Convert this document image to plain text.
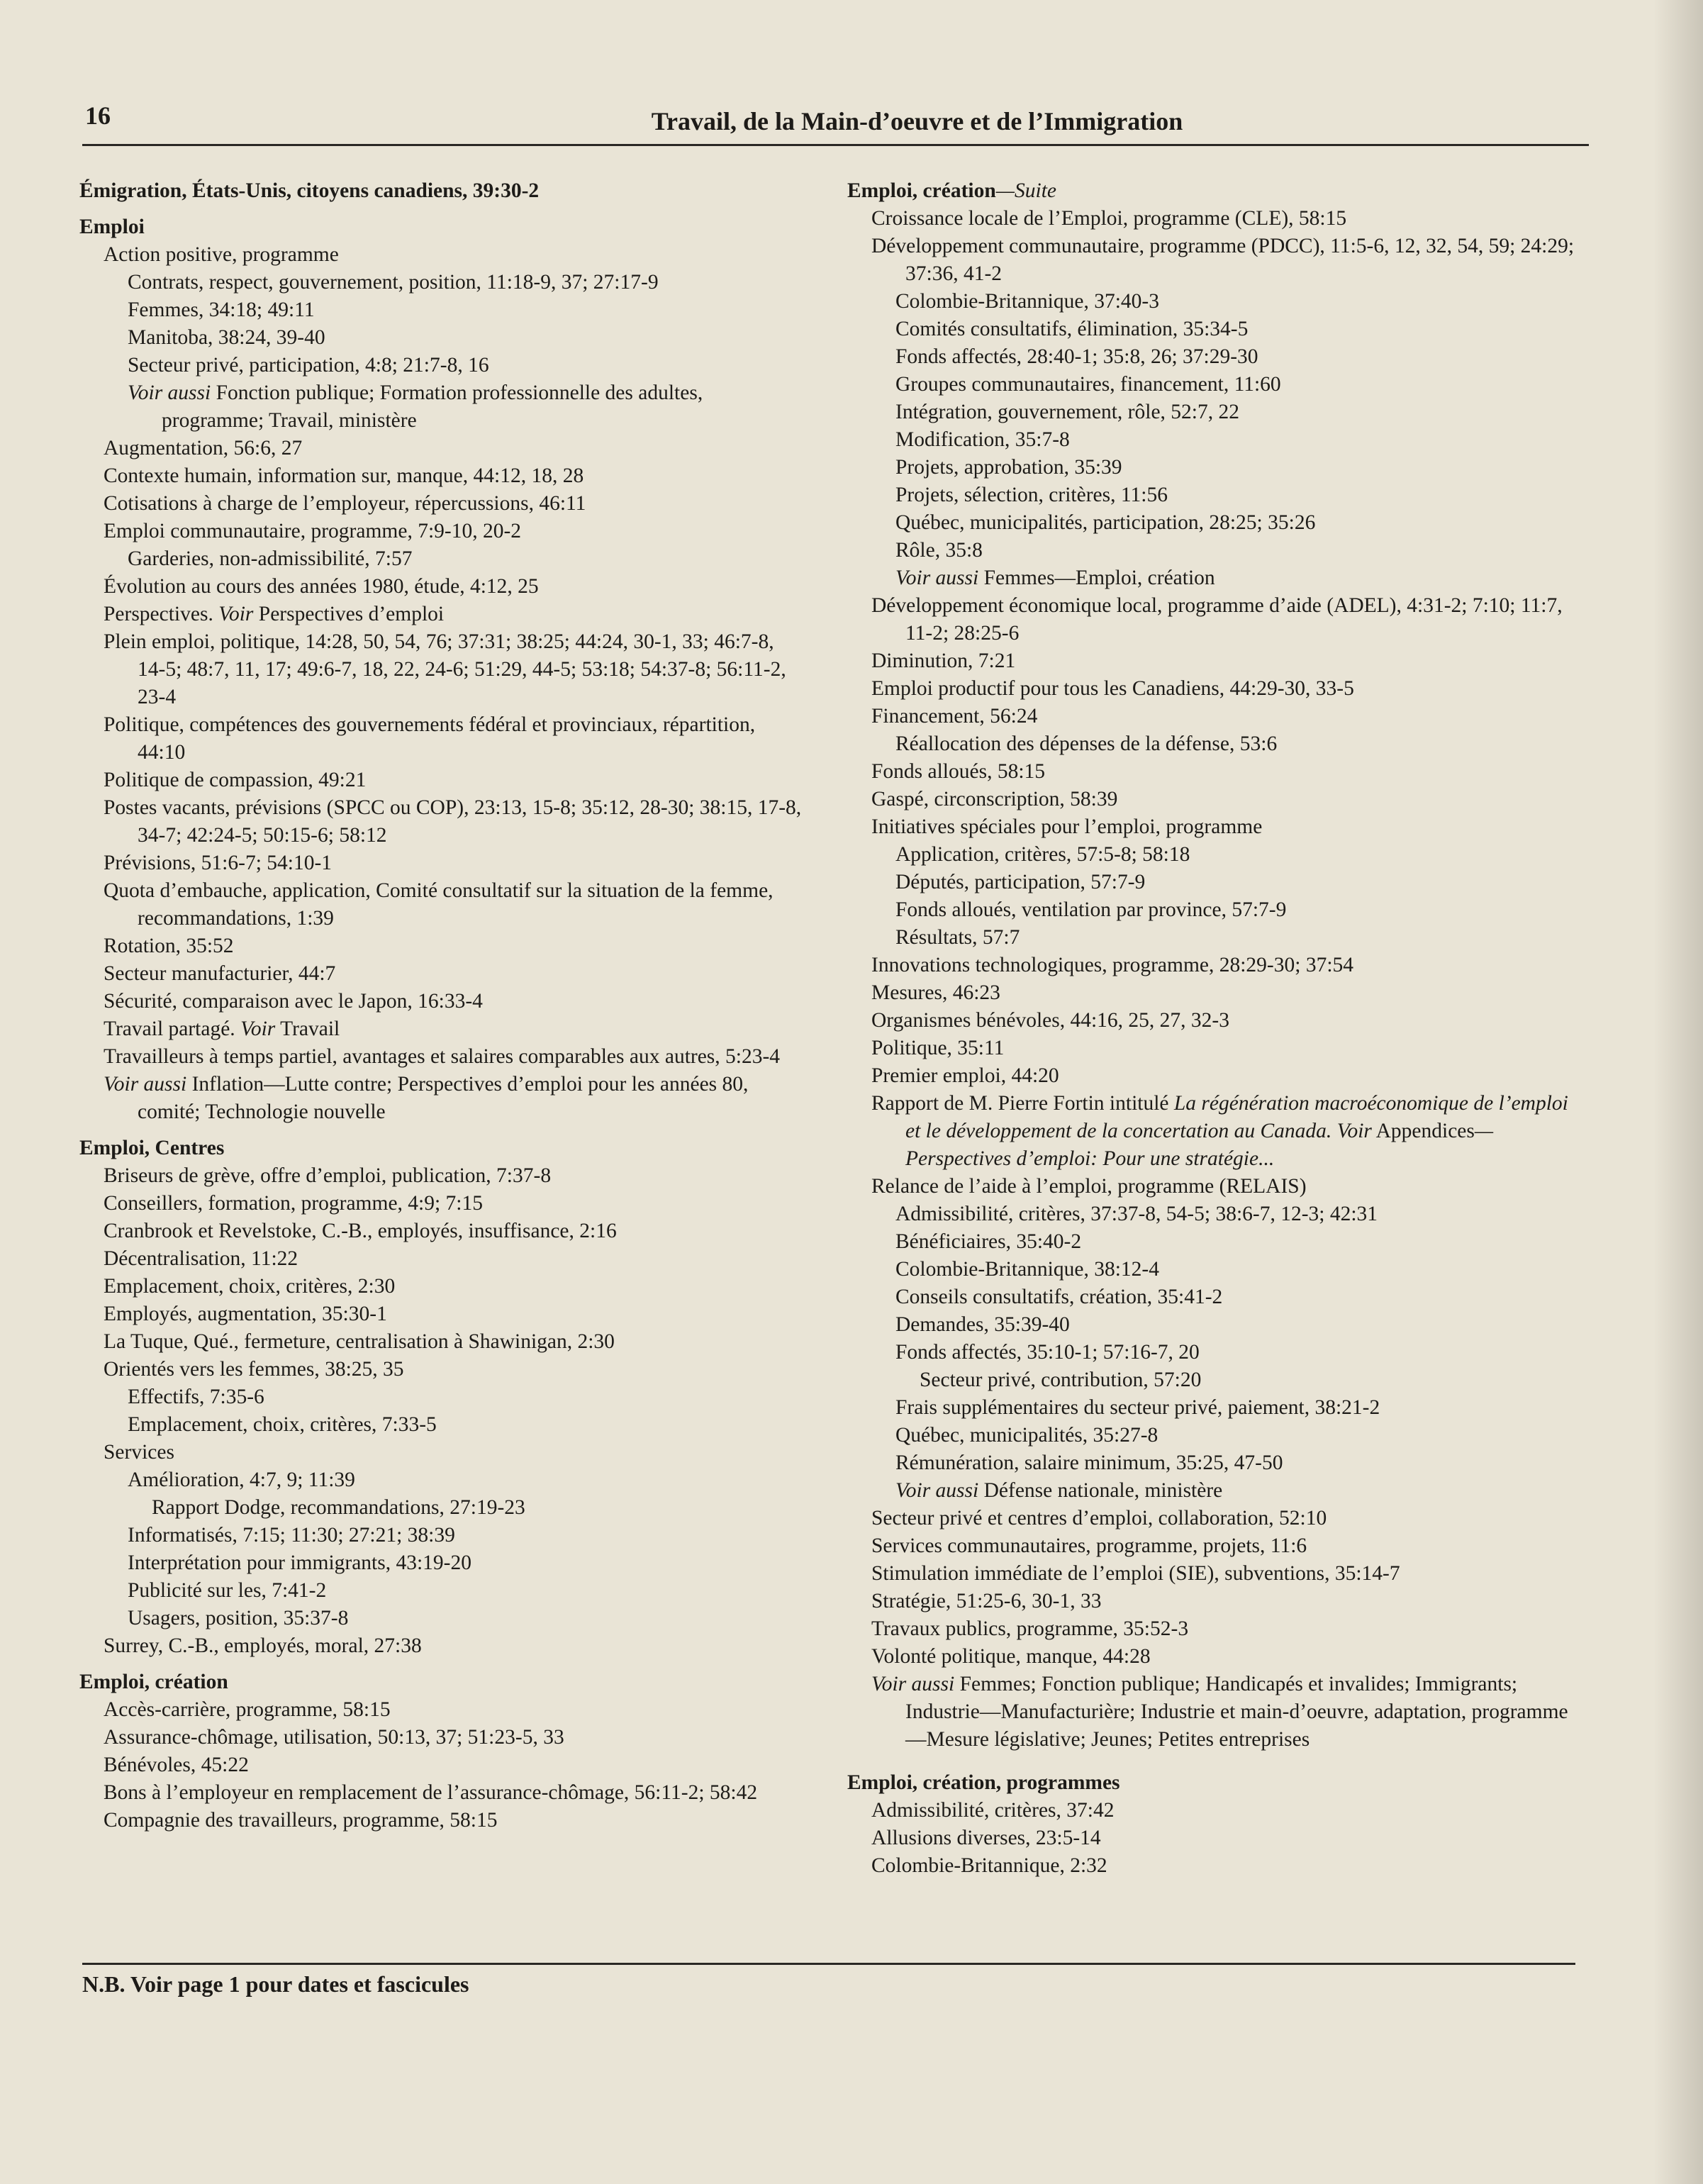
16	Travail, de la Main-d’oeuvre et de l’Immigration
Émigration, États-Unis, citoyens canadiens, 39:30-2
Emploi
Action positive, programme
Contrats, respect, gouvernement, position, 11:18-9, 37; 27:17-9
Femmes, 34:18; 49:11
Manitoba, 38:24, 39-40
Secteur privé, participation, 4:8; 21:7-8, 16
Voir aussi Fonction publique; Formation professionnelle des adultes, programme; Travail, ministère
Augmentation, 56:6, 27
Contexte humain, information sur, manque, 44:12, 18, 28
Cotisations à charge de l’employeur, répercussions, 46:11
Emploi communautaire, programme, 7:9-10, 20-2
Garderies, non-admissibilité, 7:57
Évolution au cours des années 1980, étude, 4:12, 25
Perspectives. Voir Perspectives d’emploi
Plein emploi, politique, 14:28, 50, 54, 76; 37:31; 38:25; 44:24, 30-1, 33; 46:7-8, 14-5; 48:7, 11, 17; 49:6-7, 18, 22, 24-6; 51:29, 44-5; 53:18; 54:37-8; 56:11-2, 23-4
Politique, compétences des gouvernements fédéral et provinciaux, répartition, 44:10
Politique de compassion, 49:21
Postes vacants, prévisions (SPCC ou COP), 23:13, 15-8; 35:12, 28-30; 38:15, 17-8, 34-7; 42:24-5; 50:15-6; 58:12
Prévisions, 51:6-7; 54:10-1
Quota d’embauche, application, Comité consultatif sur la situation de la femme, recommandations, 1:39
Rotation, 35:52
Secteur manufacturier, 44:7
Sécurité, comparaison avec le Japon, 16:33-4
Travail partagé. Voir Travail
Travailleurs à temps partiel, avantages et salaires comparables aux autres, 5:23-4
Voir aussi Inflation—Lutte contre; Perspectives d’emploi pour les années 80, comité; Technologie nouvelle
Emploi, Centres
Briseurs de grève, offre d’emploi, publication, 7:37-8
Conseillers, formation, programme, 4:9; 7:15
Cranbrook et Revelstoke, C.-B., employés, insuffisance, 2:16
Décentralisation, 11:22
Emplacement, choix, critères, 2:30
Employés, augmentation, 35:30-1
La Tuque, Qué., fermeture, centralisation à Shawinigan, 2:30
Orientés vers les femmes, 38:25, 35
Effectifs, 7:35-6
Emplacement, choix, critères, 7:33-5
Services
Amélioration, 4:7, 9; 11:39
Rapport Dodge, recommandations, 27:19-23
Informatisés, 7:15; 11:30; 27:21; 38:39
Interprétation pour immigrants, 43:19-20
Publicité sur les, 7:41-2
Usagers, position, 35:37-8
Surrey, C.-B., employés, moral, 27:38
Emploi, création
Accès-carrière, programme, 58:15
Assurance-chômage, utilisation, 50:13, 37; 51:23-5, 33
Bénévoles, 45:22
Bons à l’employeur en remplacement de l’assurance-chômage, 56:11-2; 58:42
Compagnie des travailleurs, programme, 58:15
Emploi, création—Suite
Croissance locale de l’Emploi, programme (CLE), 58:15
Développement communautaire, programme (PDCC), 11:5-6, 12, 32, 54, 59; 24:29; 37:36, 41-2
Colombie-Britannique, 37:40-3
Comités consultatifs, élimination, 35:34-5
Fonds affectés, 28:40-1; 35:8, 26; 37:29-30
Groupes communautaires, financement, 11:60
Intégration, gouvernement, rôle, 52:7, 22
Modification, 35:7-8
Projets, approbation, 35:39
Projets, sélection, critères, 11:56
Québec, municipalités, participation, 28:25; 35:26
Rôle, 35:8
Voir aussi Femmes—Emploi, création
Développement économique local, programme d’aide (ADEL), 4:31-2; 7:10; 11:7, 11-2; 28:25-6
Diminution, 7:21
Emploi productif pour tous les Canadiens, 44:29-30, 33-5
Financement, 56:24
Réallocation des dépenses de la défense, 53:6
Fonds alloués, 58:15
Gaspé, circonscription, 58:39
Initiatives spéciales pour l’emploi, programme
Application, critères, 57:5-8; 58:18
Députés, participation, 57:7-9
Fonds alloués, ventilation par province, 57:7-9
Résultats, 57:7
Innovations technologiques, programme, 28:29-30; 37:54
Mesures, 46:23
Organismes bénévoles, 44:16, 25, 27, 32-3
Politique, 35:11
Premier emploi, 44:20
Rapport de M. Pierre Fortin intitulé La régénération macroéconomique de l’emploi et le développement de la concertation au Canada. Voir Appendices—Perspectives d’emploi: Pour une stratégie...
Relance de l’aide à l’emploi, programme (RELAIS)
Admissibilité, critères, 37:37-8, 54-5; 38:6-7, 12-3; 42:31
Bénéficiaires, 35:40-2
Colombie-Britannique, 38:12-4
Conseils consultatifs, création, 35:41-2
Demandes, 35:39-40
Fonds affectés, 35:10-1; 57:16-7, 20
Secteur privé, contribution, 57:20
Frais supplémentaires du secteur privé, paiement, 38:21-2
Québec, municipalités, 35:27-8
Rémunération, salaire minimum, 35:25, 47-50
Voir aussi Défense nationale, ministère
Secteur privé et centres d’emploi, collaboration, 52:10
Services communautaires, programme, projets, 11:6
Stimulation immédiate de l’emploi (SIE), subventions, 35:14-7
Stratégie, 51:25-6, 30-1, 33
Travaux publics, programme, 35:52-3
Volonté politique, manque, 44:28
Voir aussi Femmes; Fonction publique; Handicapés et invalides; Immigrants; Industrie—Manufacturière; Industrie et main-d’oeuvre, adaptation, programme—Mesure législative; Jeunes; Petites entreprises
Emploi, création, programmes
Admissibilité, critères, 37:42
Allusions diverses, 23:5-14
Colombie-Britannique, 2:32
N.B. Voir page 1 pour dates et fascicules
